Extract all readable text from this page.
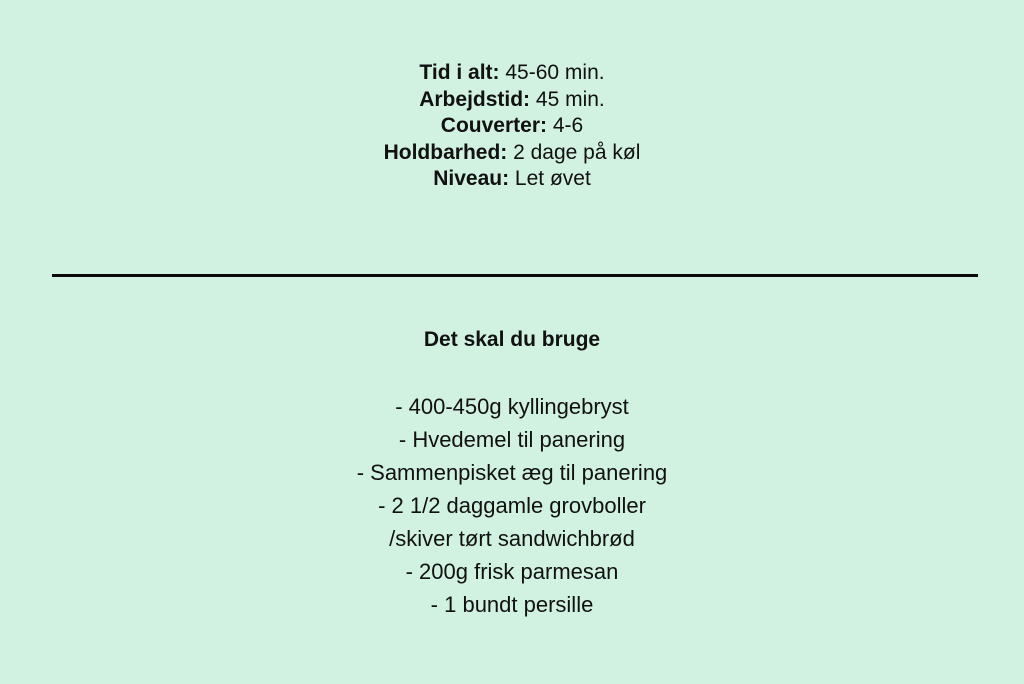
Tid i alt: 45-60 min.
Arbejdstid: 45 min.
Couverter: 4-6
Holdbarhed: 2 dage på køl
Niveau: Let øvet
Det skal du bruge
- 400-450g kyllingebryst
- Hvedemel til panering
- Sammenpisket æg til panering
- 2 1/2 daggamle grovboller
/skiver tørt sandwichbrød
- 200g frisk parmesan
- 1 bundt persille
